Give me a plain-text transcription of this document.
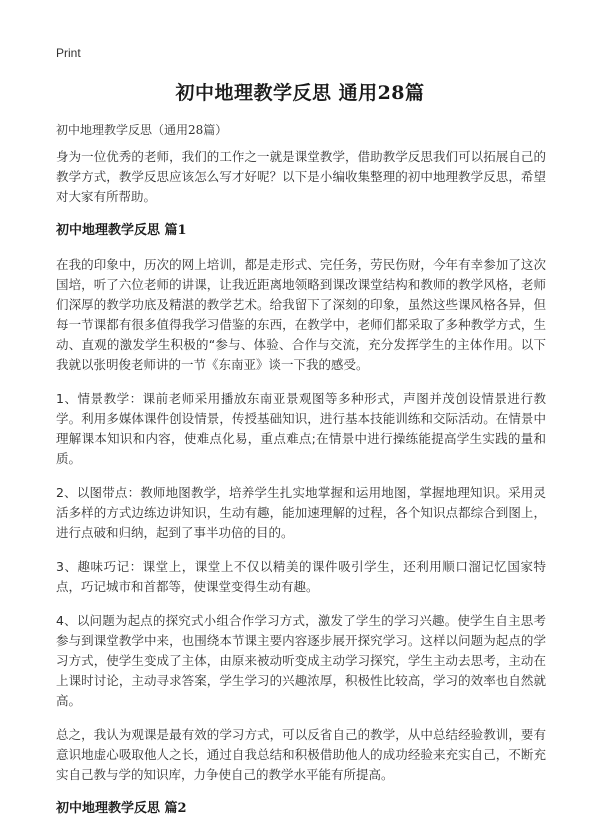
Print
初中地理教学反思 通用28篇
初中地理教学反思（通用28篇）

身为一位优秀的老师，我们的工作之一就是课堂教学，借助教学反思我们可以拓展自己的教学方式，教学反思应该怎么写才好呢？以下是小编收集整理的初中地理教学反思，希望对大家有所帮助。

初中地理教学反思 篇1

在我的印象中，历次的网上培训，都是走形式、完任务，劳民伤财，今年有幸参加了这次国培，听了六位老师的讲课，让我近距离地领略到课改课堂结构和教师的教学风格，老师们深厚的教学功底及精湛的教学艺术。给我留下了深刻的印象，虽然这些课风格各异，但每一节课都有很多值得我学习借鉴的东西，在教学中，老师们都采取了多种教学方式，生动、直观的激发学生积极的“参与、体验、合作与交流，充分发挥学生的主体作用。以下我就以张明俊老师讲的一节《东南亚》谈一下我的感受。

1、情景教学：课前老师采用播放东南亚景观图等多种形式，声图并茂创设情景进行教学。利用多媒体课件创设情景，传授基础知识，进行基本技能训练和交际活动。在情景中理解课本知识和内容，使难点化易，重点难点;在情景中进行操练能提高学生实践的量和质。

2、以图带点：教师地图教学，培养学生扎实地掌握和运用地图，掌握地理知识。采用灵活多样的方式边练边讲知识，生动有趣，能加速理解的过程，各个知识点都综合到图上，进行点破和归纳，起到了事半功倍的目的。

3、趣味巧记：课堂上，课堂上不仅以精美的课件吸引学生，还利用顺口溜记忆国家特点，巧记城市和首都等，使课堂变得生动有趣。

4、以问题为起点的探究式小组合作学习方式，激发了学生的学习兴趣。使学生自主思考参与到课堂教学中来，也围绕本节课主要内容逐步展开探究学习。这样以问题为起点的学习方式，使学生变成了主体，由原来被动听变成主动学习探究，学生主动去思考，主动在上课时讨论，主动寻求答案，学生学习的兴趣浓厚，积极性比较高，学习的效率也自然就高。

总之，我认为观课是最有效的学习方式，可以反省自己的教学，从中总结经验教训，要有意识地虚心吸取他人之长，通过自我总结和积极借助他人的成功经验来充实自己，不断充实自己教与学的知识库，力争使自己的教学水平能有所提高。

初中地理教学反思 篇2
